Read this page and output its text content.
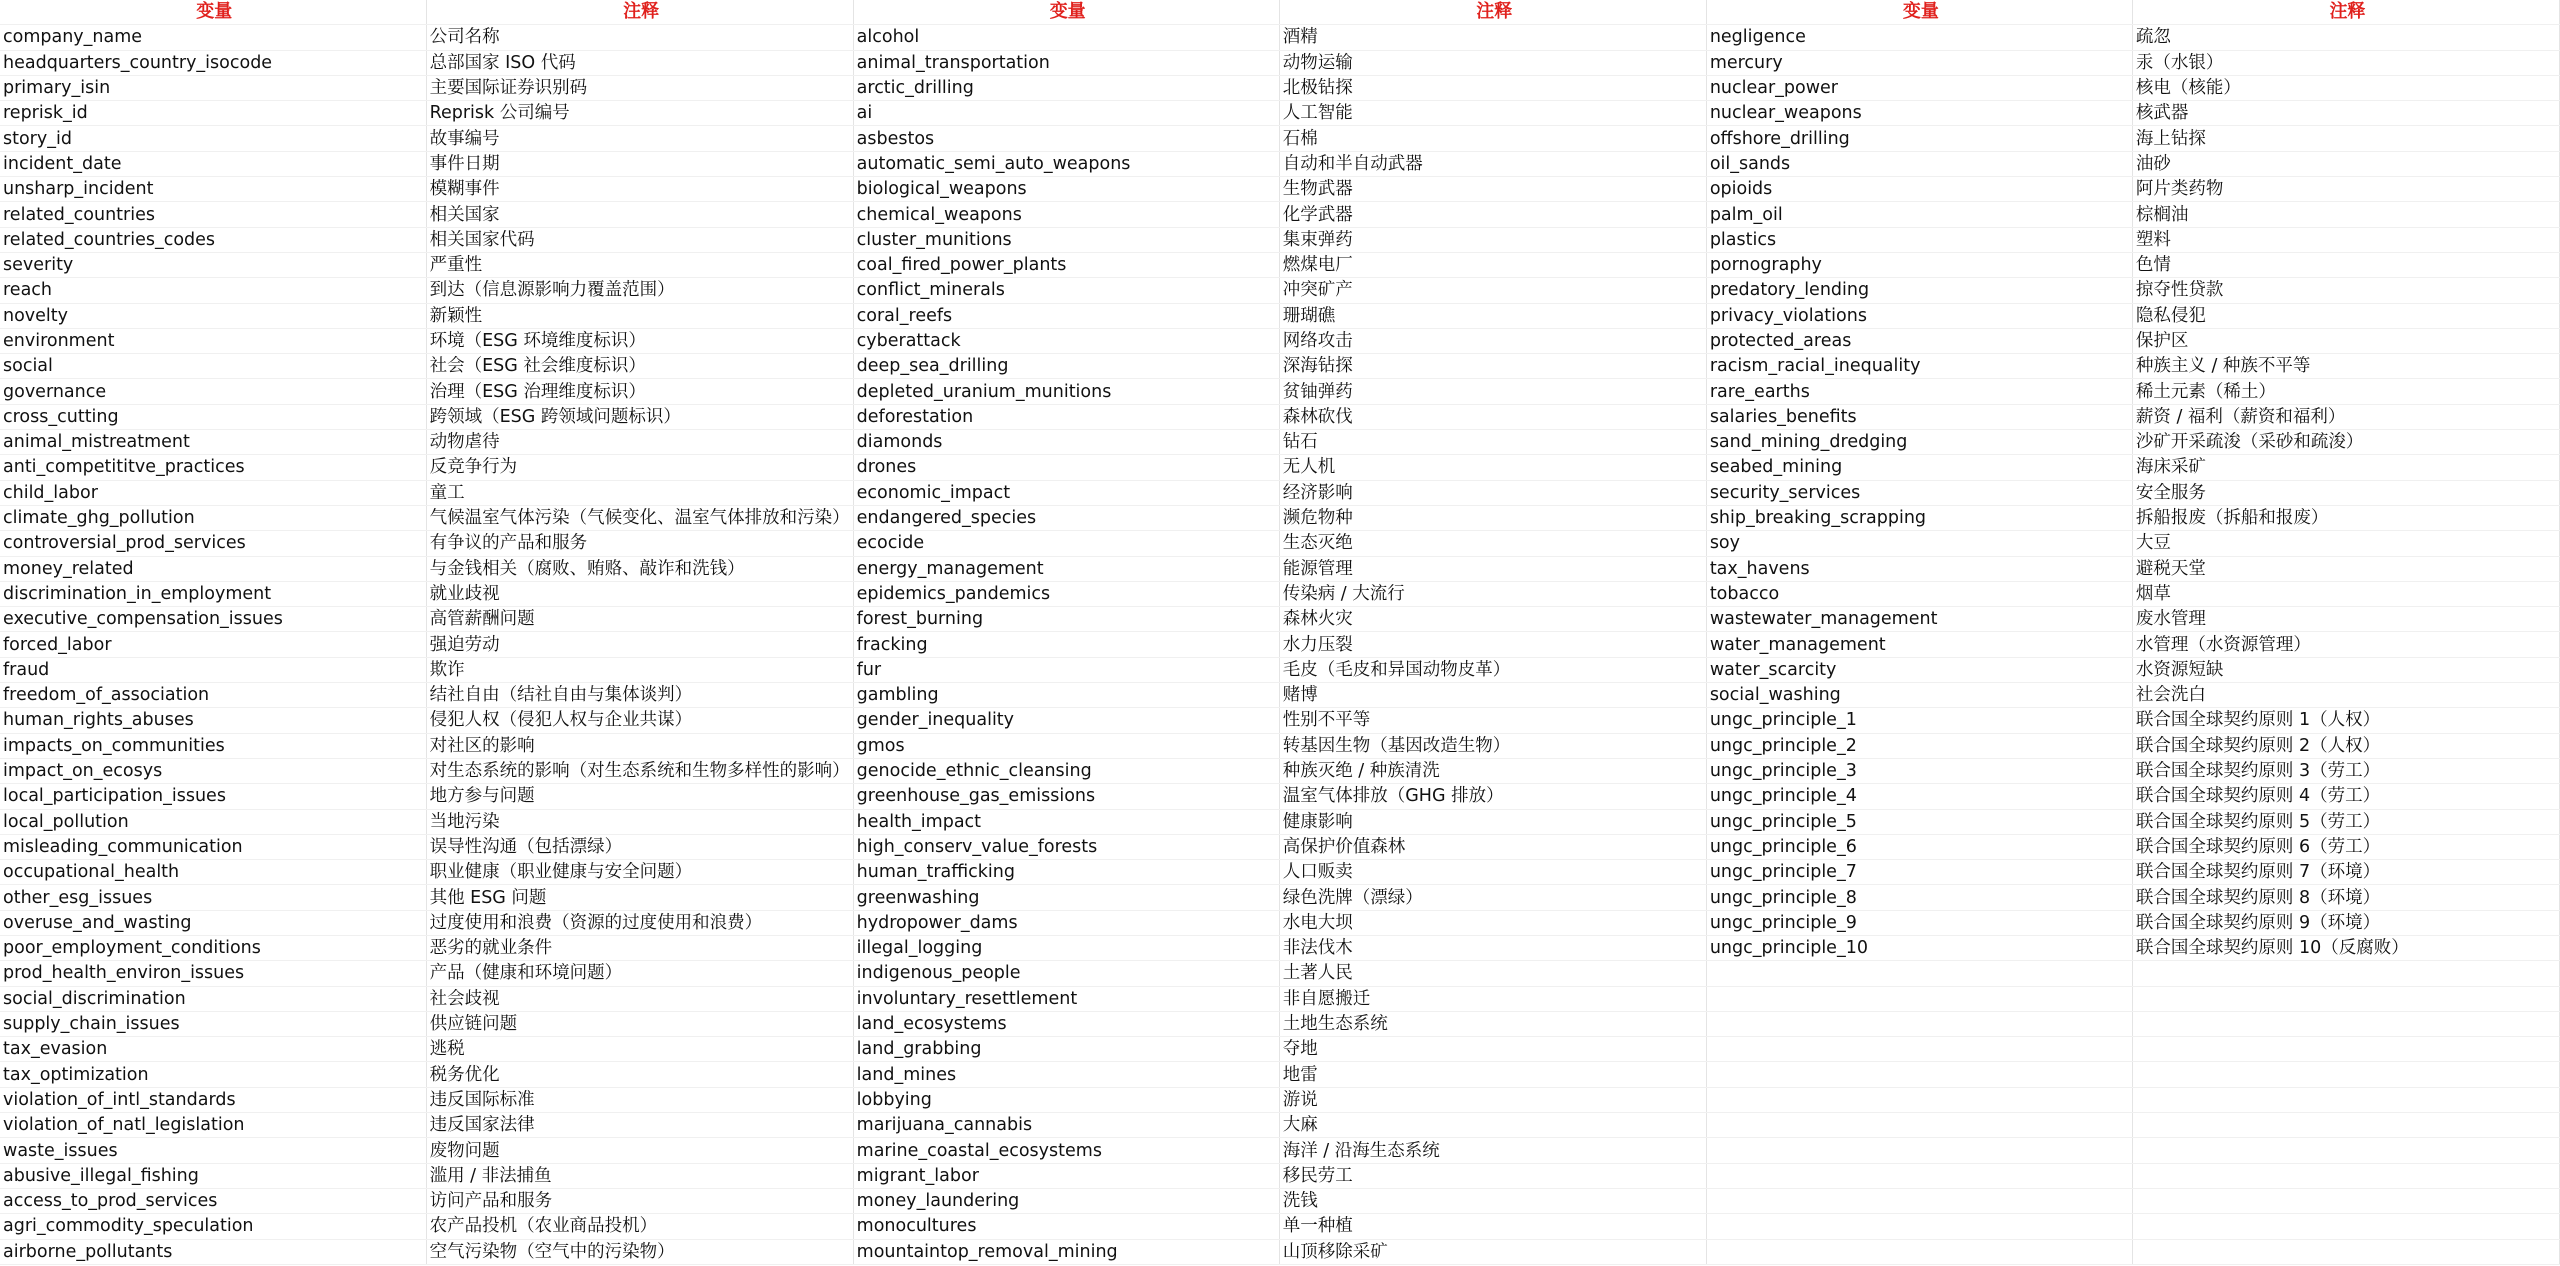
变量	注释	变量	注释	变量	注释
company_name	公司名称	alcohol	酒精	negligence	疏忽
headquarters_country_isocode	总部国家 ISO 代码	animal_transportation	动物运输	mercury	汞（水银）
primary_isin	主要国际证券识别码	arctic_drilling	北极钻探	nuclear_power	核电（核能）
reprisk_id	Reprisk 公司编号	ai	人工智能	nuclear_weapons	核武器
story_id	故事编号	asbestos	石棉	offshore_drilling	海上钻探
incident_date	事件日期	automatic_semi_auto_weapons	自动和半自动武器	oil_sands	油砂
unsharp_incident	模糊事件	biological_weapons	生物武器	opioids	阿片类药物
related_countries	相关国家	chemical_weapons	化学武器	palm_oil	棕榈油
related_countries_codes	相关国家代码	cluster_munitions	集束弹药	plastics	塑料
severity	严重性	coal_fired_power_plants	燃煤电厂	pornography	色情
reach	到达（信息源影响力覆盖范围）	conflict_minerals	冲突矿产	predatory_lending	掠夺性贷款
novelty	新颖性	coral_reefs	珊瑚礁	privacy_violations	隐私侵犯
environment	环境（ESG 环境维度标识）	cyberattack	网络攻击	protected_areas	保护区
social	社会（ESG 社会维度标识）	deep_sea_drilling	深海钻探	racism_racial_inequality	种族主义 / 种族不平等
governance	治理（ESG 治理维度标识）	depleted_uranium_munitions	贫铀弹药	rare_earths	稀土元素（稀土）
cross_cutting	跨领域（ESG 跨领域问题标识）	deforestation	森林砍伐	salaries_benefits	薪资 / 福利（薪资和福利）
animal_mistreatment	动物虐待	diamonds	钻石	sand_mining_dredging	沙矿开采疏浚（采砂和疏浚）
anti_competititve_practices	反竞争行为	drones	无人机	seabed_mining	海床采矿
child_labor	童工	economic_impact	经济影响	security_services	安全服务
climate_ghg_pollution	气候温室气体污染（气候变化、温室气体排放和污染）	endangered_species	濒危物种	ship_breaking_scrapping	拆船报废（拆船和报废）
controversial_prod_services	有争议的产品和服务	ecocide	生态灭绝	soy	大豆
money_related	与金钱相关（腐败、贿赂、敲诈和洗钱）	energy_management	能源管理	tax_havens	避税天堂
discrimination_in_employment	就业歧视	epidemics_pandemics	传染病 / 大流行	tobacco	烟草
executive_compensation_issues	高管薪酬问题	forest_burning	森林火灾	wastewater_management	废水管理
forced_labor	强迫劳动	fracking	水力压裂	water_management	水管理（水资源管理）
fraud	欺诈	fur	毛皮（毛皮和异国动物皮革）	water_scarcity	水资源短缺
freedom_of_association	结社自由（结社自由与集体谈判）	gambling	赌博	social_washing	社会洗白
human_rights_abuses	侵犯人权（侵犯人权与企业共谋）	gender_inequality	性别不平等	ungc_principle_1	联合国全球契约原则 1（人权）
impacts_on_communities	对社区的影响	gmos	转基因生物（基因改造生物）	ungc_principle_2	联合国全球契约原则 2（人权）
impact_on_ecosys	对生态系统的影响（对生态系统和生物多样性的影响）	genocide_ethnic_cleansing	种族灭绝 / 种族清洗	ungc_principle_3	联合国全球契约原则 3（劳工）
local_participation_issues	地方参与问题	greenhouse_gas_emissions	温室气体排放（GHG 排放）	ungc_principle_4	联合国全球契约原则 4（劳工）
local_pollution	当地污染	health_impact	健康影响	ungc_principle_5	联合国全球契约原则 5（劳工）
misleading_communication	误导性沟通（包括漂绿）	high_conserv_value_forests	高保护价值森林	ungc_principle_6	联合国全球契约原则 6（劳工）
occupational_health	职业健康（职业健康与安全问题）	human_trafficking	人口贩卖	ungc_principle_7	联合国全球契约原则 7（环境）
other_esg_issues	其他 ESG 问题	greenwashing	绿色洗牌（漂绿）	ungc_principle_8	联合国全球契约原则 8（环境）
overuse_and_wasting	过度使用和浪费（资源的过度使用和浪费）	hydropower_dams	水电大坝	ungc_principle_9	联合国全球契约原则 9（环境）
poor_employment_conditions	恶劣的就业条件	illegal_logging	非法伐木	ungc_principle_10	联合国全球契约原则 10（反腐败）
prod_health_environ_issues	产品（健康和环境问题）	indigenous_people	土著人民		
social_discrimination	社会歧视	involuntary_resettlement	非自愿搬迁		
supply_chain_issues	供应链问题	land_ecosystems	土地生态系统		
tax_evasion	逃税	land_grabbing	夺地		
tax_optimization	税务优化	land_mines	地雷		
violation_of_intl_standards	违反国际标准	lobbying	游说		
violation_of_natl_legislation	违反国家法律	marijuana_cannabis	大麻		
waste_issues	废物问题	marine_coastal_ecosystems	海洋 / 沿海生态系统		
abusive_illegal_fishing	滥用 / 非法捕鱼	migrant_labor	移民劳工		
access_to_prod_services	访问产品和服务	money_laundering	洗钱		
agri_commodity_speculation	农产品投机（农业商品投机）	monocultures	单一种植		
airborne_pollutants	空气污染物（空气中的污染物）	mountaintop_removal_mining	山顶移除采矿		
